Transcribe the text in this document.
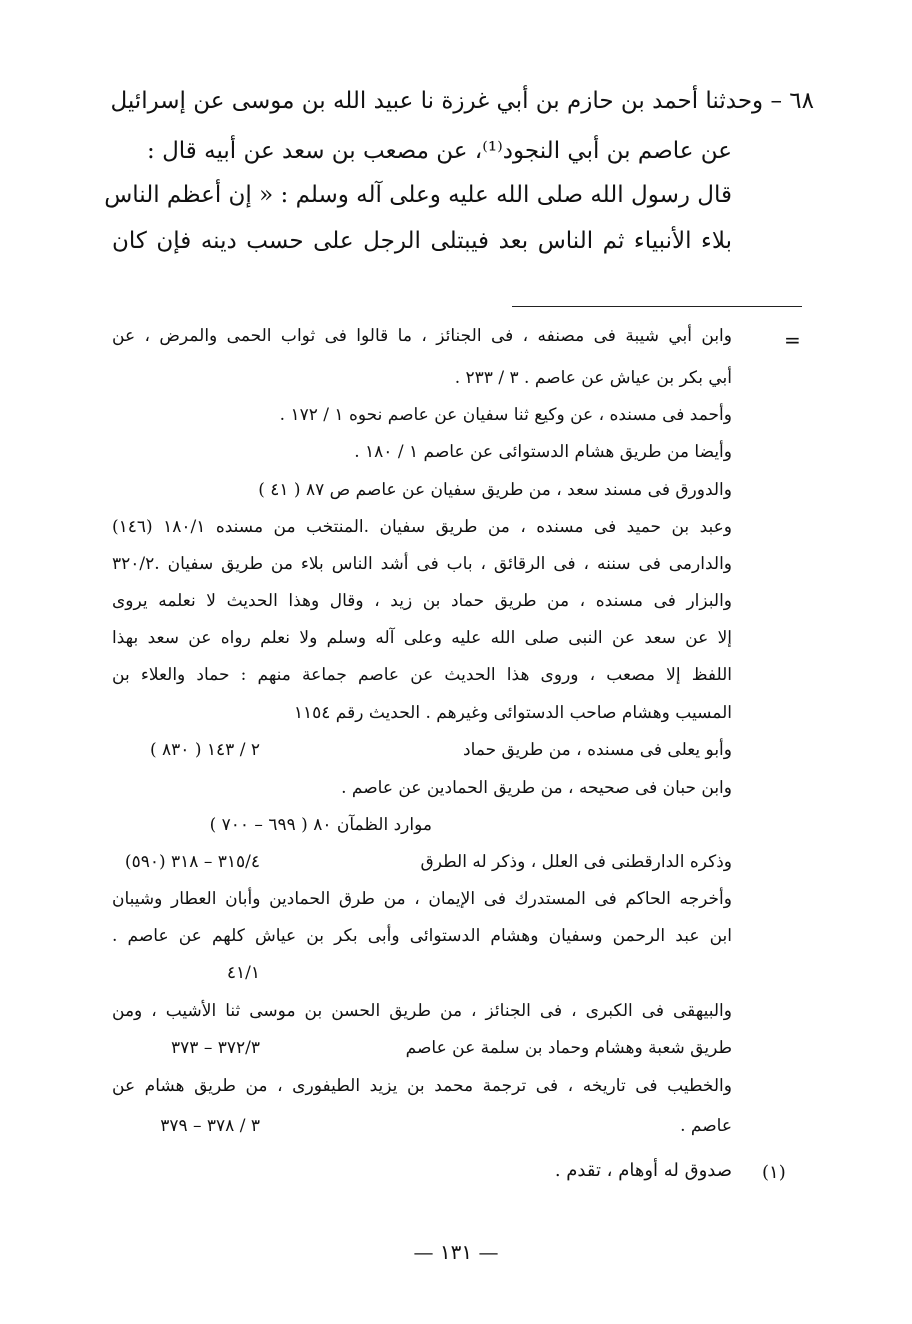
٦٨ – وحدثنا أحمد بن حازم بن أبي غرزة نا عبيد الله بن موسى عن إسرائيل
عن عاصم بن أبي النجود⁽¹⁾، عن مصعب بن سعد عن أبيه قال :
قال رسول الله صلى الله عليه وعلى آله وسلم : « إن أعظم الناس
بلاء الأنبياء ثم الناس بعد فيبتلى الرجل على حسب دينه فإن كان
=
وابن أبي شيبة فى مصنفه ، فى الجنائز ، ما قالوا فى ثواب الحمى والمرض ، عن
أبي بكر بن عياش عن عاصم . ٣ / ٢٣٣ .
وأحمد فى مسنده ، عن وكيع ثنا سفيان عن عاصم نحوه ١ / ١٧٢ .
وأيضا من طريق هشام الدستوائى عن عاصم ١ / ١٨٠ .
والدورق فى مسند سعد ، من طريق سفيان عن عاصم ص ٨٧ ( ٤١ )
وعبد بن حميد فى مسنده ، من طريق سفيان .المنتخب من مسنده ١٨٠/١ (١٤٦)
والدارمى فى سننه ، فى الرقائق ، باب فى أشد الناس بلاء من طريق سفيان .٣٢٠/٢
والبزار فى مسنده ، من طريق حماد بن زيد ، وقال وهذا الحديث لا نعلمه يروى
إلا عن سعد عن النبى صلى الله عليه وعلى آله وسلم ولا نعلم رواه عن سعد بهذا
اللفظ إلا مصعب ، وروى هذا الحديث عن عاصم جماعة منهم : حماد والعلاء بن
المسيب وهشام صاحب الدستوائى وغيرهم . الحديث رقم ١١٥٤
وأبو يعلى فى مسنده ، من طريق حماد
٢ / ١٤٣ ( ٨٣٠ )
وابن حبان فى صحيحه ، من طريق الحمادين عن عاصم .
موارد الظمآن ٨٠ ( ٦٩٩ – ٧٠٠ )
وذكره الدارقطنى فى العلل ، وذكر له الطرق
٣١٥/٤ – ٣١٨ (٥٩٠)
وأخرجه الحاكم فى المستدرك فى الإيمان ، من طرق الحمادين وأبان العطار وشيبان
ابن عبد الرحمن وسفيان وهشام الدستوائى وأبى بكر بن عياش كلهم عن عاصم .
٤١/١
والبيهقى فى الكبرى ، فى الجنائز ، من طريق الحسن بن موسى ثنا الأشيب ، ومن
طريق شعبة وهشام وحماد بن سلمة عن عاصم
٣٧٢/٣ – ٣٧٣
والخطيب فى تاريخه ، فى ترجمة محمد بن يزيد الطيفورى ، من طريق هشام عن
عاصم .
٣ / ٣٧٨ – ٣٧٩
(١)
صدوق له أوهام ، تقدم .
— ١٣١ —
